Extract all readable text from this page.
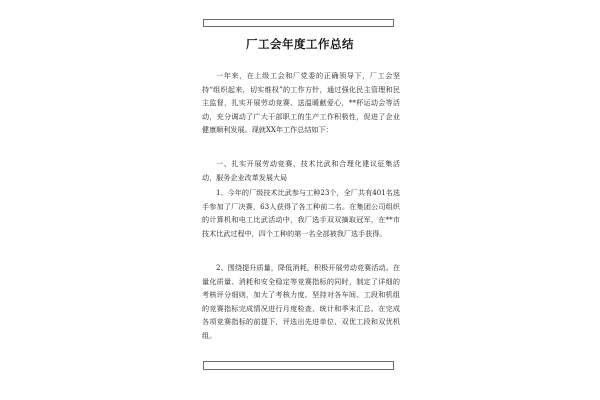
厂工会年度工作总结
一年来，在上级工会和厂党委的正确领导下，厂工会坚持“组织起来，切实维权”的工作方针，通过强化民主管理和民主监督，扎实开展劳动竞赛、送温暖献爱心，**杯运动会等活动，充分调动了广大干部职工的生产工作积极性，促进了企业健康顺利发展。现就XX年工作总结如下：
一、扎实开展劳动竞赛、技术比武和合理化建议征集活动，服务企业改革发展大局
1、今年的厂级技术比武参与工种23个，全厂共有401名选手参加了厂决赛，63人获得了各工种前二名。在集团公司组织的计算机和电工比武活动中，我厂选手双双摘取冠军，在**市技术比武过程中，四个工种的第一名全部被我厂选手获得。
2、围绕提升质量，降低消耗，积极开展劳动竞赛活动。在量化质量、消耗和安全稳定等竞赛指标的同时，制定了详细的考核评分细则，加大了考核力度。坚持对各车间、工段和机组的竞赛指标完成情况进行月度检查、统计和季末汇总。在完成各项竞赛指标的前提下，评选出先进单位、双优工段和双优机组。
